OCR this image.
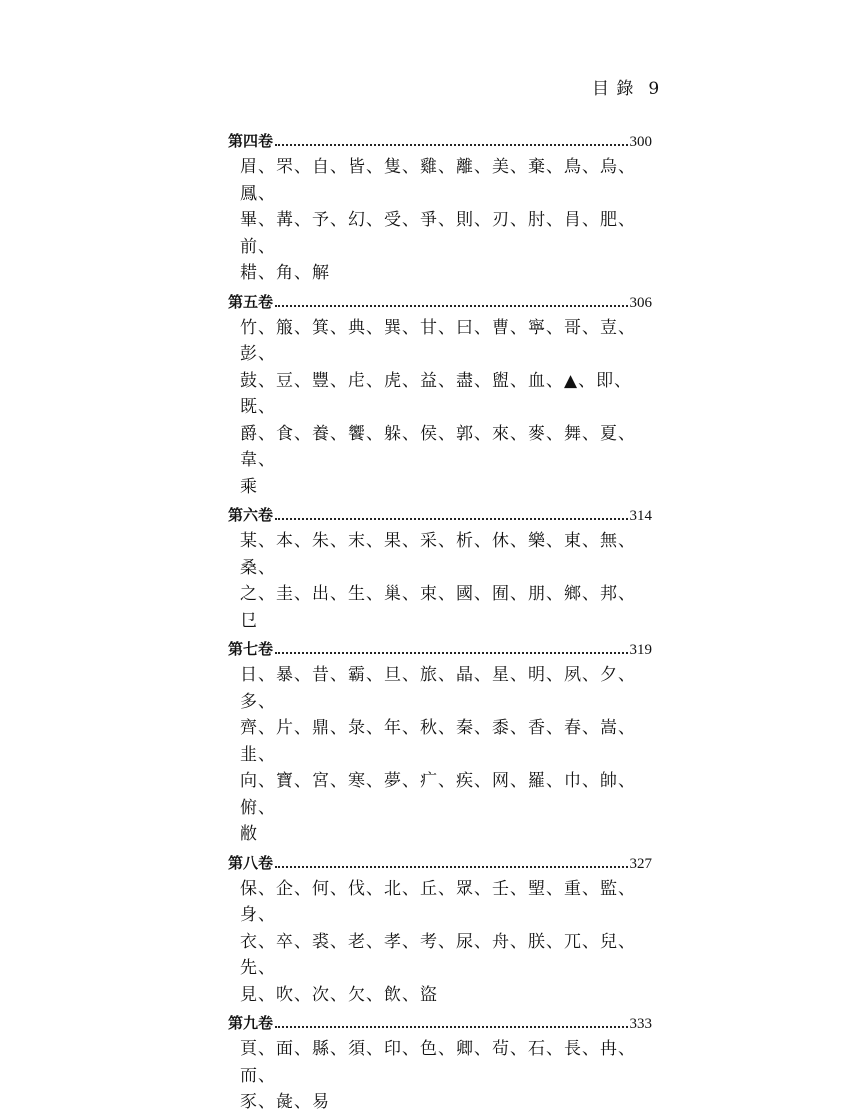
目 錄 9
第四卷	300
眉、罘、自、皆、隻、雞、離、美、棄、鳥、烏、鳳、
畢、冓、予、幻、受、爭、則、刃、肘、肙、肥、前、
耤、角、解
第五卷	306
竹、箙、箕、典、巽、甘、曰、曹、寧、哥、壴、彭、
鼓、豆、豐、虍、虎、益、盡、盥、血、▲、即、既、
爵、食、養、饗、躲、侯、郭、來、麥、舞、夏、韋、
乘
第六卷	314
某、本、朱、末、果、采、析、休、樂、東、無、桑、
之、圭、出、生、巢、束、國、囿、朋、鄉、邦、㔾
第七卷	319
日、暴、昔、霸、旦、旅、晶、星、明、夙、夕、多、
齊、片、鼎、彔、年、秋、秦、黍、香、春、嵩、韭、
向、寶、宮、寒、夢、疒、疾、网、羅、巾、帥、俯、
敝
第八卷	327
保、企、何、伐、北、丘、眾、壬、朢、重、監、身、
衣、卒、裘、老、孝、考、尿、舟、朕、兀、兒、先、
見、吹、次、欠、飲、盜
第九卷	333
頁、面、縣、須、印、色、卿、茍、石、長、冉、而、
豕、彘、易
